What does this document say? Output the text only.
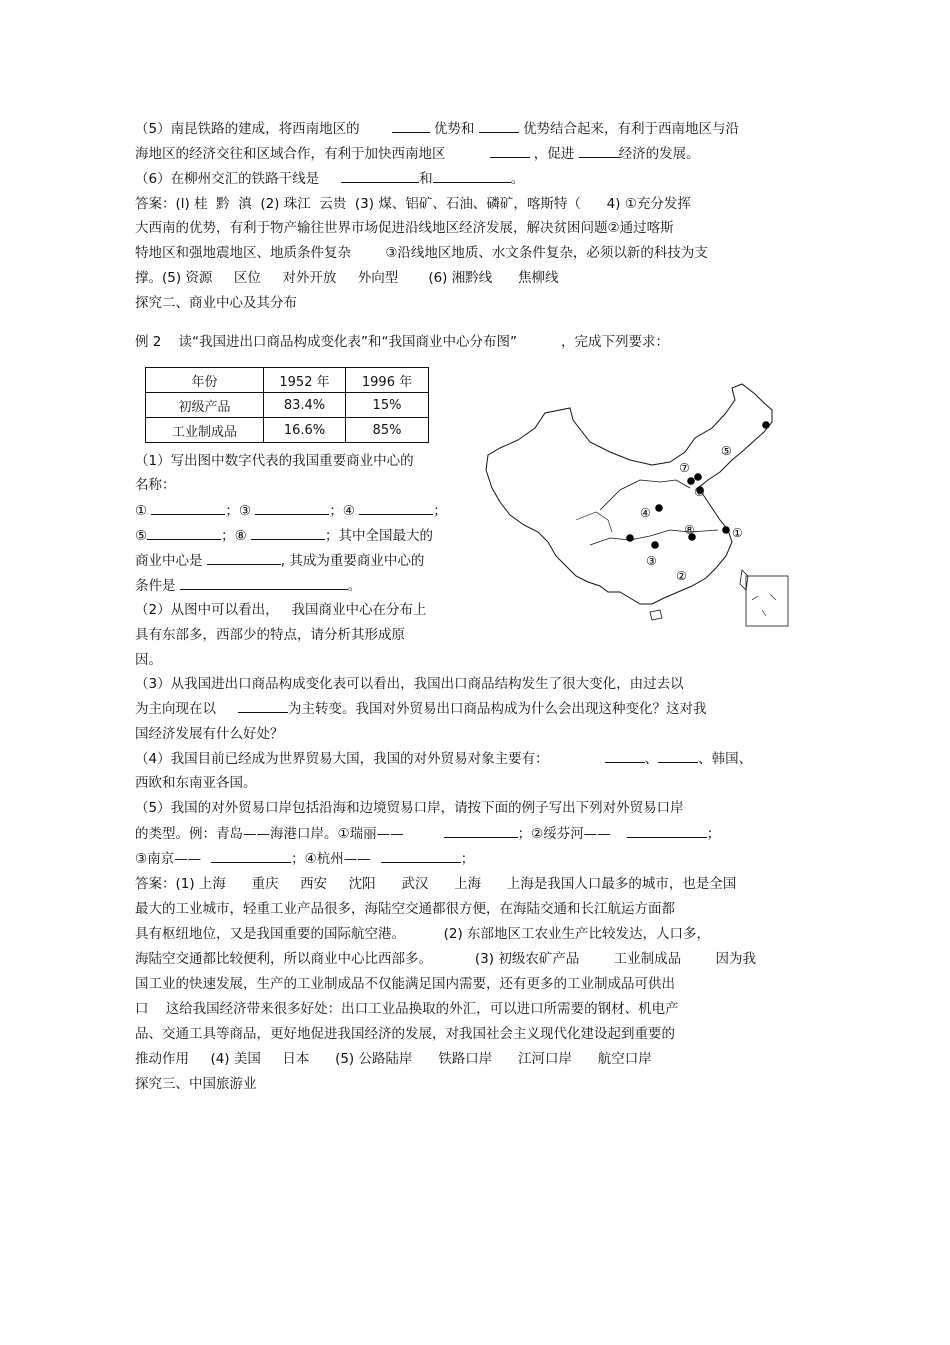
（5）南昆铁路的建成，将西南地区的	优势和	优势结合起来，有利于西南地区与沿
海地区的经济交往和区域合作，有利于加快西南地区	，促进	经济的发展。
（6）在柳州交汇的铁路干线是	和	。
答案：(l) 桂  黔  滇  (2) 珠江  云贵  (3) 煤、铝矿、石油、磷矿，喀斯特（      4) ①充分发挥
大西南的优势，有利于物产输往世界市场促进沿线地区经济发展，解决贫困问题②通过喀斯
特地区和强地震地区、地质条件复杂        ③沿线地区地质、水文条件复杂，必须以新的科技为支
撑。(5) 资源     区位     对外开放     外向型       (6) 湘黔线      焦柳线
探究二、商业中心及其分布
例 2    读“我国进出口商品构成变化表”和“我国商业中心分布图”	，完成下列要求：
年份	1952 年	1996 年
初级产品	83.4%	15%
工业制成品	16.6%	85%
（1）写出图中数字代表的我国重要商业中心的
名称：
①	；③	；④	；
⑤	；⑧	；其中全国最大的
商业中心是	, 其成为重要商业中心的
条件是	。
（2）从图中可以看出，   我国商业中心在分布上
具有东部多，西部少的特点，请分析其形成原
因。
⑤
⑦
⑥
④
⑧	①
③
②
（3）从我国进出口商品构成变化表可以看出，我国出口商品结构发生了很大变化，由过去以
为主向现在以	为主转变。我国对外贸易出口商品构成为什么会出现这种变化？这对我
国经济发展有什么好处？
（4）我国目前已经成为世界贸易大国，我国的对外贸易对象主要有：	、	、韩国、
西欧和东南亚各国。
（5）我国的对外贸易口岸包括沿海和边境贸易口岸，请按下面的例子写出下列对外贸易口岸
的类型。例：青岛——海港口岸。①瑞丽——	；②绥芬河——	；
③南京——	；④杭州——	；
答案：(1) 上海      重庆     西安     沈阳      武汉      上海      上海是我国人口最多的城市，也是全国
最大的工业城市，轻重工业产品很多，海陆空交通都很方便，在海陆交通和长江航运方面都
具有枢纽地位，又是我国重要的国际航空港。         (2) 东部地区工农业生产比较发达，人口多，
海陆空交通都比较便利，所以商业中心比西部多。          (3) 初级农矿产品        工业制成品        因为我
国工业的快速发展，生产的工业制成品不仅能满足国内需要，还有更多的工业制成品可供出
口    这给我国经济带来很多好处：出口工业品换取的外汇，可以进口所需要的钢材、机电产
品、交通工具等商品，更好地促进我国经济的发展，对我国社会主义现代化建设起到重要的
推动作用     (4) 美国     日本      (5) 公路陆岸      铁路口岸      江河口岸      航空口岸
探究三、中国旅游业
